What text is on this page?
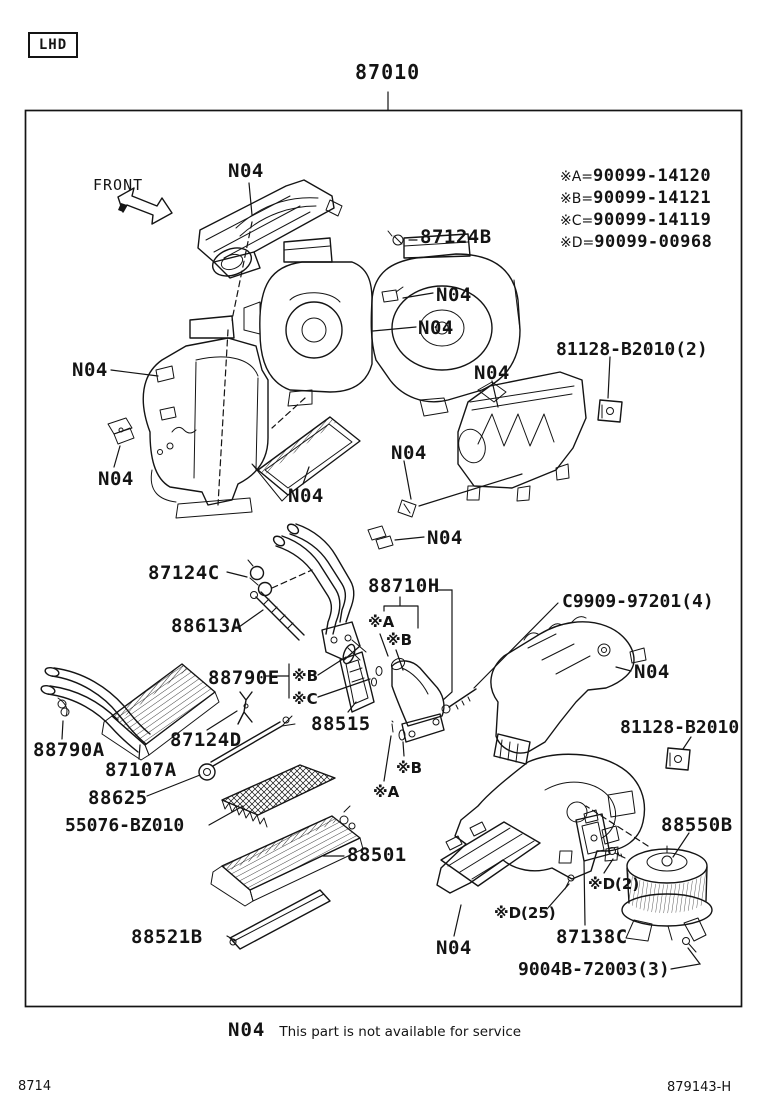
LHD
87010
FRONT	※A=90099-14120
※B=90099-14121
※C=90099-14119
※D=90099-00968
N04
87124B
N04
N04
81128-B2010(2)
N04	N04
N04
N04
N04
N04
87124C
88710H
C9909-97201(4)
88613A
N04
88790E ※B
※C
※A
※B
81128-B2010
88515
87124D
88790A
87107A
88625
※B
※A
55076-BZ010
88501
88550B
※D(2)
※D(25)
88521B	N04	87138C
9004B-72003(3)
N04 This part is not available for service
8714	879143-H
